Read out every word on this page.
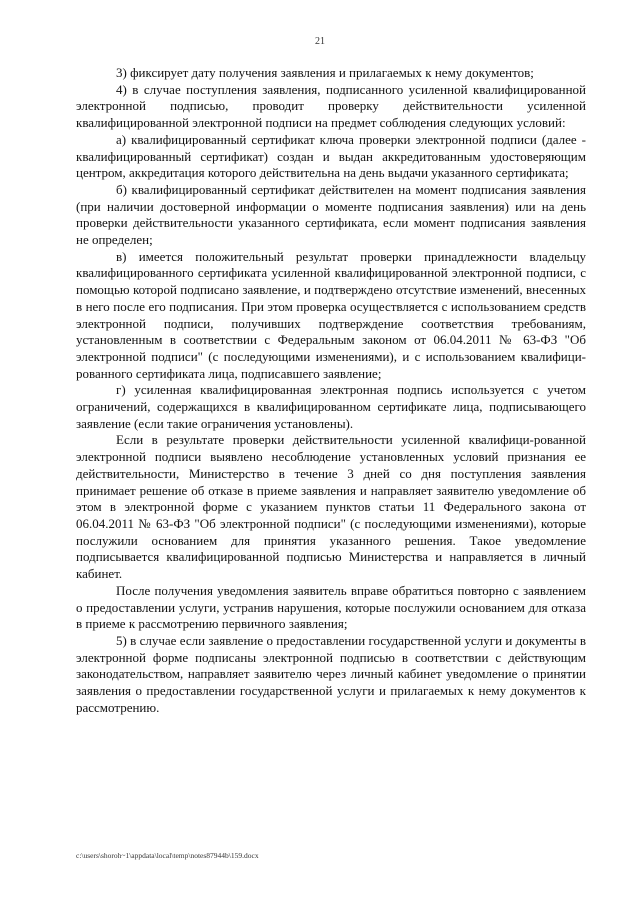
21

3) фиксирует дату получения заявления и прилагаемых к нему документов;

4) в случае поступления заявления, подписанного усиленной квалифицированной электронной подписью, проводит проверку действительности усиленной квалифицированной электронной подписи на предмет соблюдения следующих условий:

а) квалифицированный сертификат ключа проверки электронной подписи (далее - квалифицированный сертификат) создан и выдан аккредитованным удостоверяющим центром, аккредитация которого действительна на день выдачи указанного сертификата;

б) квалифицированный сертификат действителен на момент подписания заявления (при наличии достоверной информации о моменте подписания заявления) или на день проверки действительности указанного сертификата, если момент подписания заявления не определен;

в) имеется положительный результат проверки принадлежности владельцу квалифицированного сертификата усиленной квалифицированной электронной подписи, с помощью которой подписано заявление, и подтверждено отсутствие изменений, внесенных в него после его подписания. При этом проверка осуществляется с использованием средств электронной подписи, получивших подтверждение соответствия требованиям, установленным в соответствии с Федеральным законом от 06.04.2011 № 63-ФЗ "Об электронной подписи" (с последующими изменениями), и с использованием квалифици-рованного сертификата лица, подписавшего заявление;

г) усиленная квалифицированная электронная подпись используется с учетом ограничений, содержащихся в квалифицированном сертификате лица, подписывающего заявление (если такие ограничения установлены).

Если в результате проверки действительности усиленной квалифици-рованной электронной подписи выявлено несоблюдение установленных условий признания ее действительности, Министерство в течение 3 дней со дня поступления заявления принимает решение об отказе в приеме заявления и направляет заявителю уведомление об этом в электронной форме с указанием пунктов статьи 11 Федерального закона от 06.04.2011 № 63-ФЗ "Об электронной подписи" (с последующими изменениями), которые послужили основанием для принятия указанного решения. Такое уведомление подписывается квалифицированной подписью Министерства и направляется в личный кабинет.

После получения уведомления заявитель вправе обратиться повторно с заявлением о предоставлении услуги, устранив нарушения, которые послужили основанием для отказа в приеме к рассмотрению первичного заявления;

5) в случае если заявление о предоставлении государственной услуги и документы в электронной форме подписаны электронной подписью в соответствии с действующим законодательством, направляет заявителю через личный кабинет уведомление о принятии заявления о предоставлении государственной услуги и прилагаемых к нему документов к рассмотрению.

c:\users\shoroh~1\appdata\local\temp\notes87944b\159.docx
